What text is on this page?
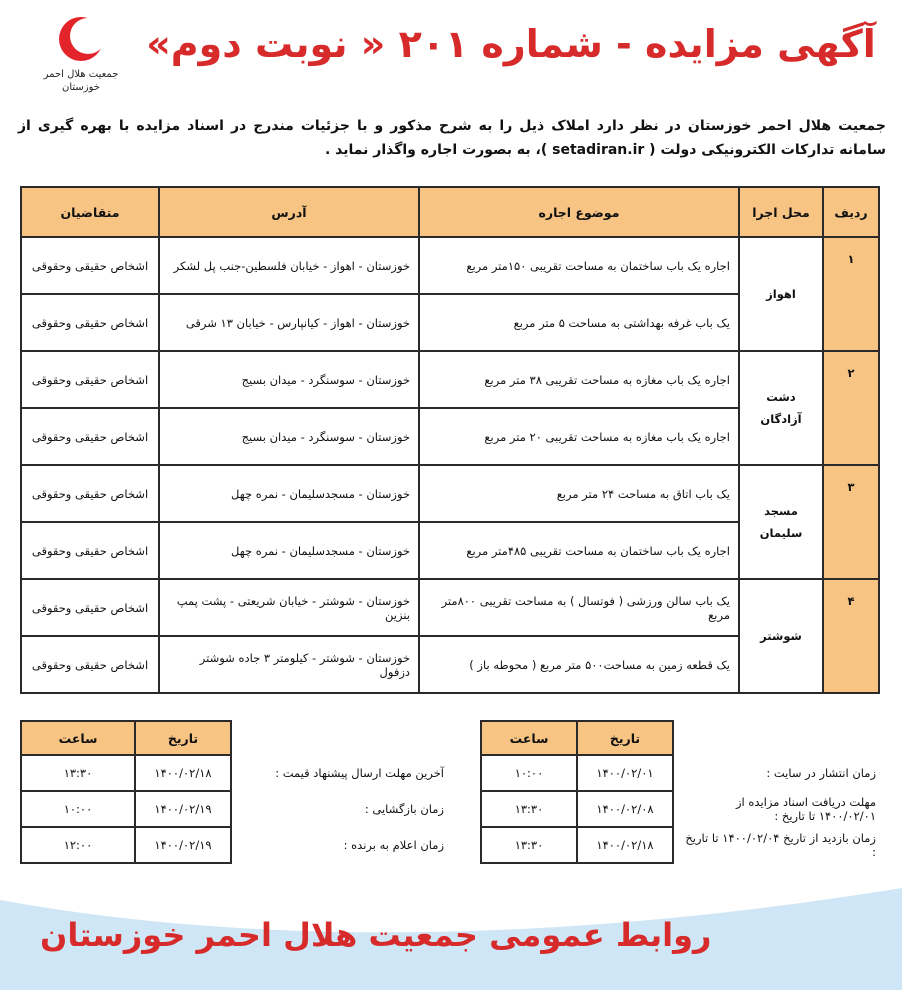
جمعیت هلال احمر
خوزستان
آگهی مزایده - شماره ۲۰۱ « نوبت دوم»
جمعیت هلال احمر خوزستان در نظر دارد املاک ذیل را به شرح مذکور و با جزئیات مندرج در اسناد مزایده با بهره گیری از سامانه تدارکات الکترونیکی دولت ( setadiran.ir )، به بصورت اجاره واگذار نماید .
ردیف	محل اجرا	موضوع اجاره	آدرس	متقاضیان
۱	اهواز	اجاره یک باب ساختمان به مساحت تقریبی ۱۵۰متر مربع	خوزستان - اهواز - خیابان فلسطین-جنب پل لشکر	اشخاص حقیقی وحقوقی
		یک باب غرفه بهداشتی به مساحت ۵ متر مربع	خوزستان - اهواز - کیانپارس - خیابان ۱۳ شرقی	اشخاص حقیقی وحقوقی
۲	دشت
آزادگان	اجاره یک باب مغازه به مساحت تقریبی ۳۸ متر مربع	خوزستان - سوسنگرد - میدان بسیج	اشخاص حقیقی وحقوقی
		اجاره یک باب مغازه به مساحت تقریبی ۲۰ متر مربع	خوزستان - سوسنگرد - میدان بسیج	اشخاص حقیقی وحقوقی
۳	مسجد
سلیمان	یک باب اتاق به مساحت ۲۴ متر مربع	خوزستان - مسجدسلیمان - نمره چهل	اشخاص حقیقی وحقوقی
		اجاره یک باب ساختمان به مساحت تقریبی ۴۸۵متر مربع	خوزستان - مسجدسلیمان - نمره چهل	اشخاص حقیقی وحقوقی
۴	شوشتر	یک باب سالن ورزشی ( فوتسال ) به مساحت تقریبی ۸۰۰متر مربع	خوزستان - شوشتر - خیابان شریعتی - پشت پمپ بنزین	اشخاص حقیقی وحقوقی
		یک قطعه زمین به مساحت۵۰۰ متر مربع ( محوطه باز )	خوزستان - شوشتر - کیلومتر ۳ جاده شوشتر دزفول	اشخاص حقیقی وحقوقی
	تاریخ	ساعت
زمان انتشار در سایت :	۱۴۰۰/۰۲/۰۱	۱۰:۰۰
مهلت دریافت اسناد مزایده از ۱۴۰۰/۰۲/۰۱ تا تاریخ :	۱۴۰۰/۰۲/۰۸	۱۳:۳۰
زمان بازدید از تاریخ ۱۴۰۰/۰۲/۰۴ تا تاریخ :	۱۴۰۰/۰۲/۱۸	۱۳:۳۰
	تاریخ	ساعت
آخرین مهلت ارسال پیشنهاد قیمت :	۱۴۰۰/۰۲/۱۸	۱۳:۳۰
زمان بازگشایی :	۱۴۰۰/۰۲/۱۹	۱۰:۰۰
زمان اعلام به برنده :	۱۴۰۰/۰۲/۱۹	۱۲:۰۰
روابط عمومی جمعیت هلال احمر خوزستان
